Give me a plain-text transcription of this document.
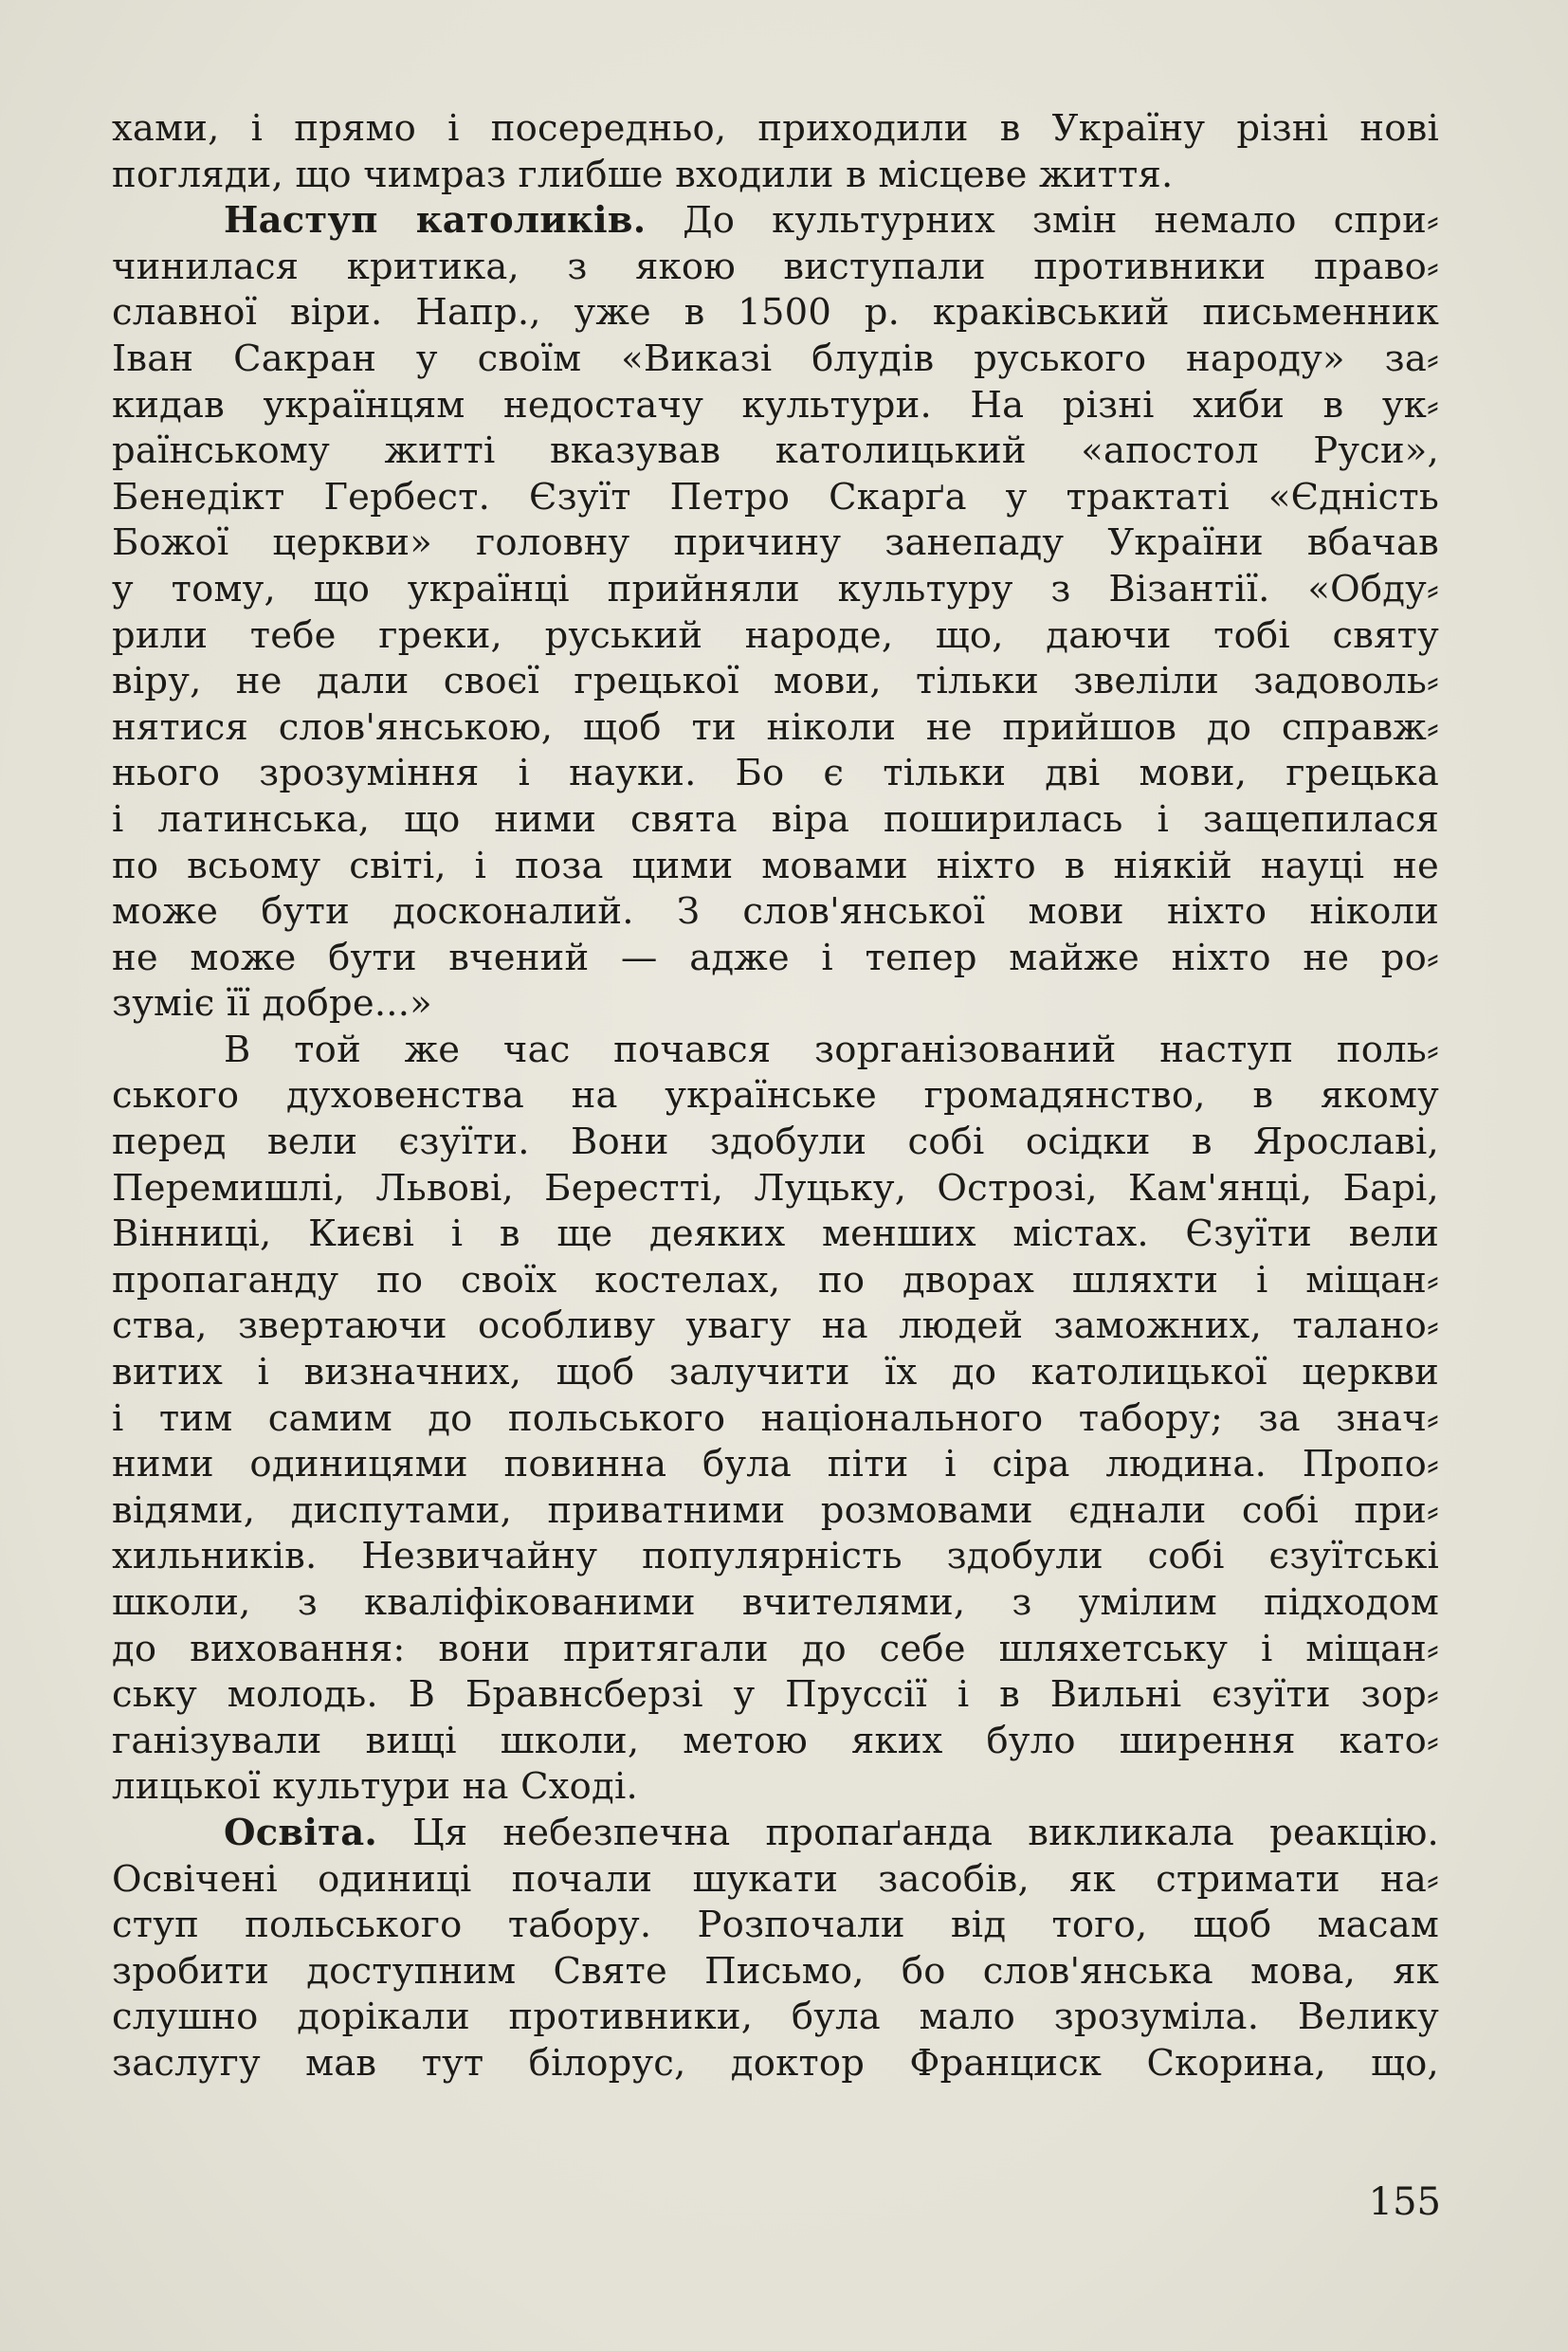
хами, і прямо і посередньо, приходили в Україну різні нові
погляди, що чимраз глибше входили в місцеве життя.
Наступ католиків. До культурних змін немало спри⸗
чинилася критика, з якою виступали противники право⸗
славної віри. Напр., уже в 1500 р. краківський письменник
Іван Сакран у своїм «Виказі блудів руського народу» за⸗
кидав українцям недостачу культури. На різні хиби в ук⸗
раїнському житті вказував католицький «апостол Руси»,
Бенедікт Гербест. Єзуїт Петро Скарґа у трактаті «Єдність
Божої церкви» головну причину занепаду України вбачав
у тому, що українці прийняли культуру з Візантії. «Обду⸗
рили тебе греки, руський народе, що, даючи тобі святу
віру, не дали своєї грецької мови, тільки звеліли задоволь⸗
нятися слов'янською, щоб ти ніколи не прийшов до справж⸗
нього зрозуміння і науки. Бо є тільки дві мови, грецька
і латинська, що ними свята віра поширилась і защепилася
по всьому світі, і поза цими мовами ніхто в ніякій науці не
може бути досконалий. З слов'янської мови ніхто ніколи
не може бути вчений — адже і тепер майже ніхто не ро⸗
зуміє її добре...»
В той же час почався зорганізований наступ поль⸗
ського духовенства на українське громадянство, в якому
перед вели єзуїти. Вони здобули собі осідки в Ярославі,
Перемишлі, Львові, Берестті, Луцьку, Острозі, Кам'янці, Барі,
Вінниці, Києві і в ще деяких менших містах. Єзуїти вели
пропаганду по своїх костелах, по дворах шляхти і міщан⸗
ства, звертаючи особливу увагу на людей заможних, талано⸗
витих і визначних, щоб залучити їх до католицької церкви
і тим самим до польського національного табору; за знач⸗
ними одиницями повинна була піти і сіра людина. Пропо⸗
відями, диспутами, приватними розмовами єднали собі при⸗
хильників. Незвичайну популярність здобули собі єзуїтські
школи, з кваліфікованими вчителями, з умілим підходом
до виховання: вони притягали до себе шляхетську і міщан⸗
ську молодь. В Бравнсберзі у Пруссії і в Вильні єзуїти зор⸗
ганізували вищі школи, метою яких було ширення като⸗
лицької культури на Сході.
Освіта. Ця небезпечна пропаґанда викликала реакцію.
Освічені одиниці почали шукати засобів, як стримати на⸗
ступ польського табору. Розпочали від того, щоб масам
зробити доступним Святе Письмо, бо слов'янська мова, як
слушно дорікали противники, була мало зрозуміла. Велику
заслугу мав тут білорус, доктор Франциск Скорина, що,
155
